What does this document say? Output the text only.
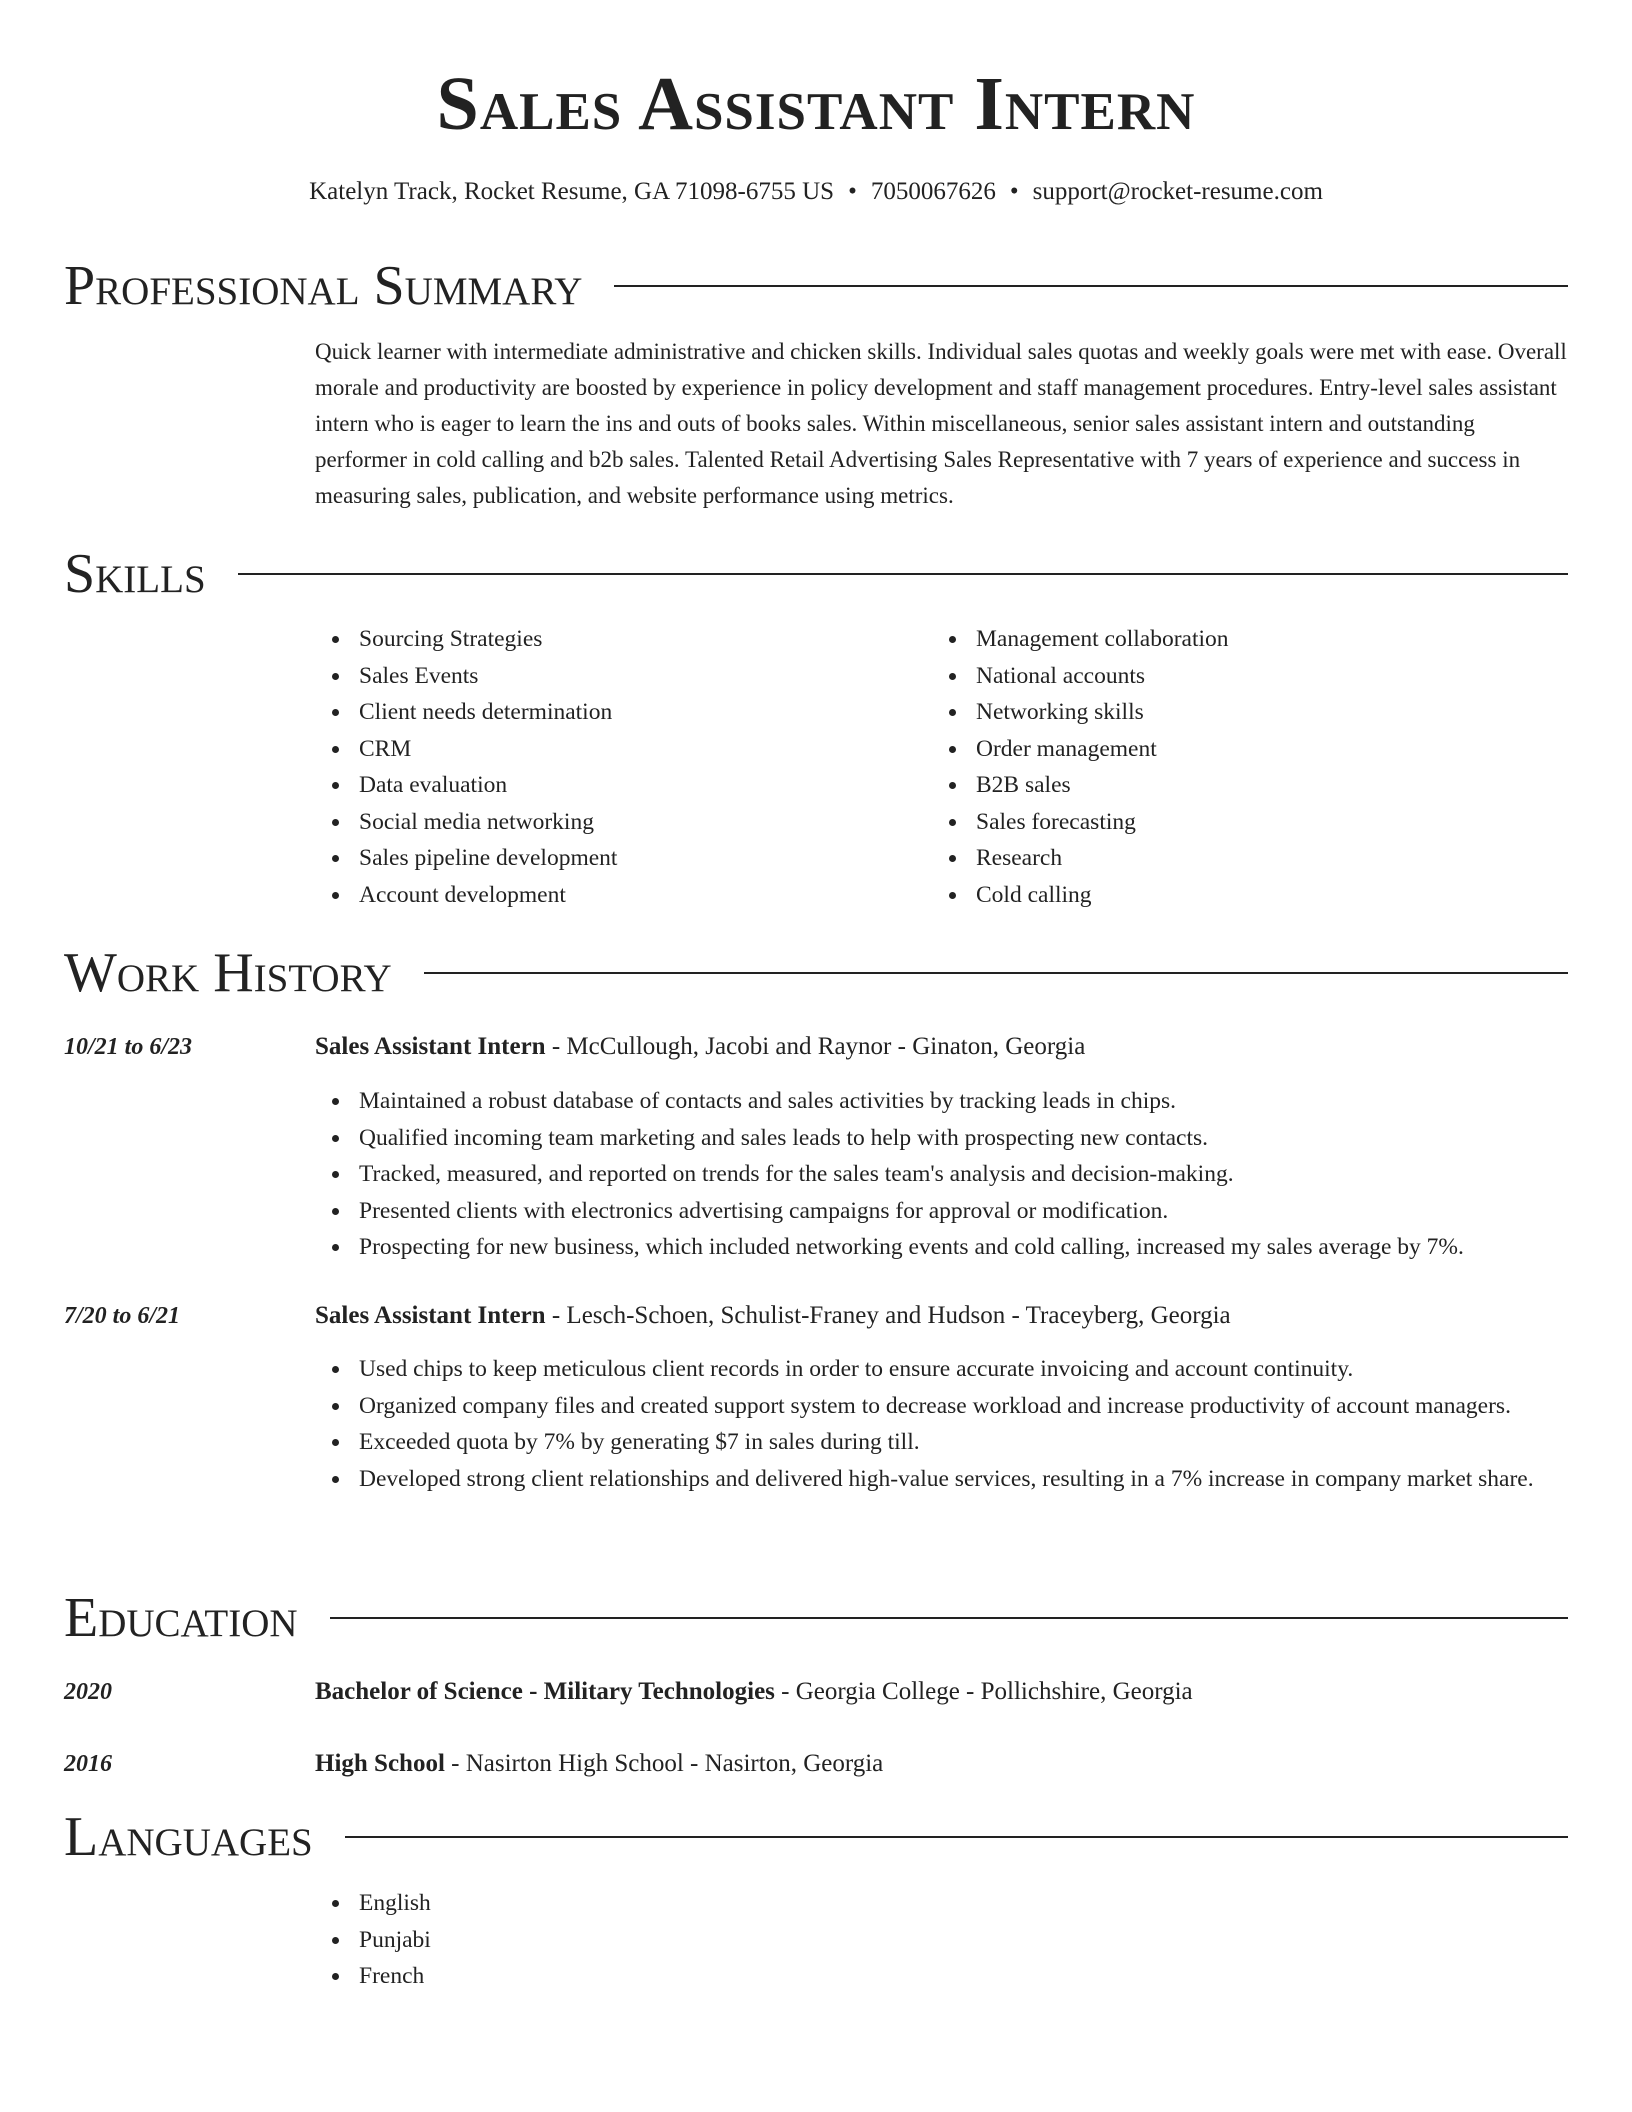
Sales Assistant Intern
Katelyn Track, Rocket Resume, GA 71098-6755 US • 7050067626 • support@rocket-resume.com
Professional Summary

Quick learner with intermediate administrative and chicken skills. Individual sales quotas and weekly goals were met with ease. Overall morale and productivity are boosted by experience in policy development and staff management procedures. Entry-level sales assistant intern who is eager to learn the ins and outs of books sales. Within miscellaneous, senior sales assistant intern and outstanding performer in cold calling and b2b sales. Talented Retail Advertising Sales Representative with 7 years of experience and success in measuring sales, publication, and website performance using metrics.

Skills
Sourcing Strategies
Sales Events
Client needs determination
CRM
Data evaluation
Social media networking
Sales pipeline development
Account development
Management collaboration
National accounts
Networking skills
Order management
B2B sales
Sales forecasting
Research
Cold calling
Work History
10/21 to 6/23	Sales Assistant Intern - McCullough, Jacobi and Raynor - Ginaton, Georgia
Maintained a robust database of contacts and sales activities by tracking leads in chips.
Qualified incoming team marketing and sales leads to help with prospecting new contacts.
Tracked, measured, and reported on trends for the sales team's analysis and decision-making.
Presented clients with electronics advertising campaigns for approval or modification.
Prospecting for new business, which included networking events and cold calling, increased my sales average by 7%.
7/20 to 6/21	Sales Assistant Intern - Lesch-Schoen, Schulist-Franey and Hudson - Traceyberg, Georgia
Used chips to keep meticulous client records in order to ensure accurate invoicing and account continuity.
Organized company files and created support system to decrease workload and increase productivity of account managers.
Exceeded quota by 7% by generating $7 in sales during till.
Developed strong client relationships and delivered high-value services, resulting in a 7% increase in company market share.
Education
2020	Bachelor of Science - Military Technologies - Georgia College - Pollichshire, Georgia
2016	High School - Nasirton High School - Nasirton, Georgia
Languages
English
Punjabi
French
